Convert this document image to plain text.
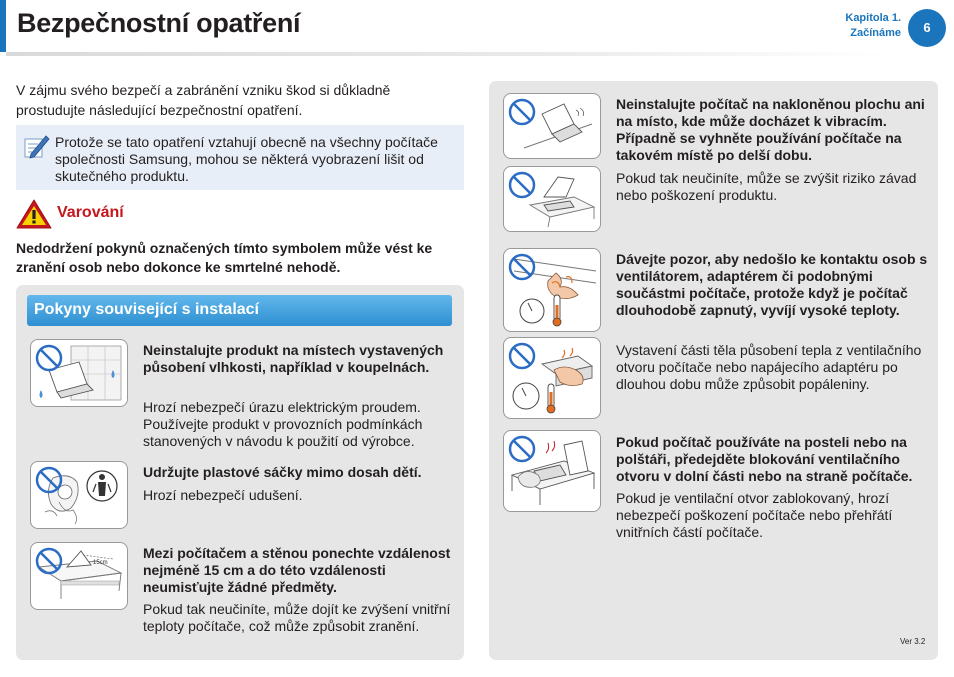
Bezpečnostní opatření	Kapitola 1.
Začínáme	6
V zájmu svého bezpečí a zabránění vzniku škod si důkladně prostudujte následující bezpečnostní opatření.
Protože se tato opatření vztahují obecně na všechny počítače společnosti Samsung, mohou se některá vyobrazení lišit od skutečného produktu.
Varování
Nedodržení pokynů označených tímto symbolem může vést ke zranění osob nebo dokonce ke smrtelné nehodě.
Pokyny související s instalací
Neinstalujte produkt na místech vystavených působení vlhkosti, například v koupelnách.
Hrozí nebezpečí úrazu elektrickým proudem. Používejte produkt v provozních podmínkách stanovených v návodu k použití od výrobce.
Udržujte plastové sáčky mimo dosah dětí.
Hrozí nebezpečí udušení.
15cm
Mezi počítačem a stěnou ponechte vzdálenost nejméně 15 cm a do této vzdálenosti neumisťujte žádné předměty.
Pokud tak neučiníte, může dojít ke zvýšení vnitřní teploty počítače, což může způsobit zranění.
Neinstalujte počítač na nakloněnou plochu ani na místo, kde může docházet k vibracím. Případně se vyhněte používání počítače na takovém místě po delší dobu.
Pokud tak neučiníte, může se zvýšit riziko závad nebo poškození produktu.
Dávejte pozor, aby nedošlo ke kontaktu osob s ventilátorem, adaptérem či podobnými součástmi počítače, protože když je počítač dlouhodobě zapnutý, vyvíjí vysoké teploty.
Vystavení části těla působení tepla z ventilačního otvoru počítače nebo napájecího adaptéru po dlouhou dobu může způsobit popáleniny.
Pokud počítač používáte na posteli nebo na polštáři, předejděte blokování ventilačního otvoru v dolní části nebo na straně počítače.
Pokud je ventilační otvor zablokovaný, hrozí nebezpečí poškození počítače nebo přehřátí vnitřních částí počítače.
Ver 3.2
